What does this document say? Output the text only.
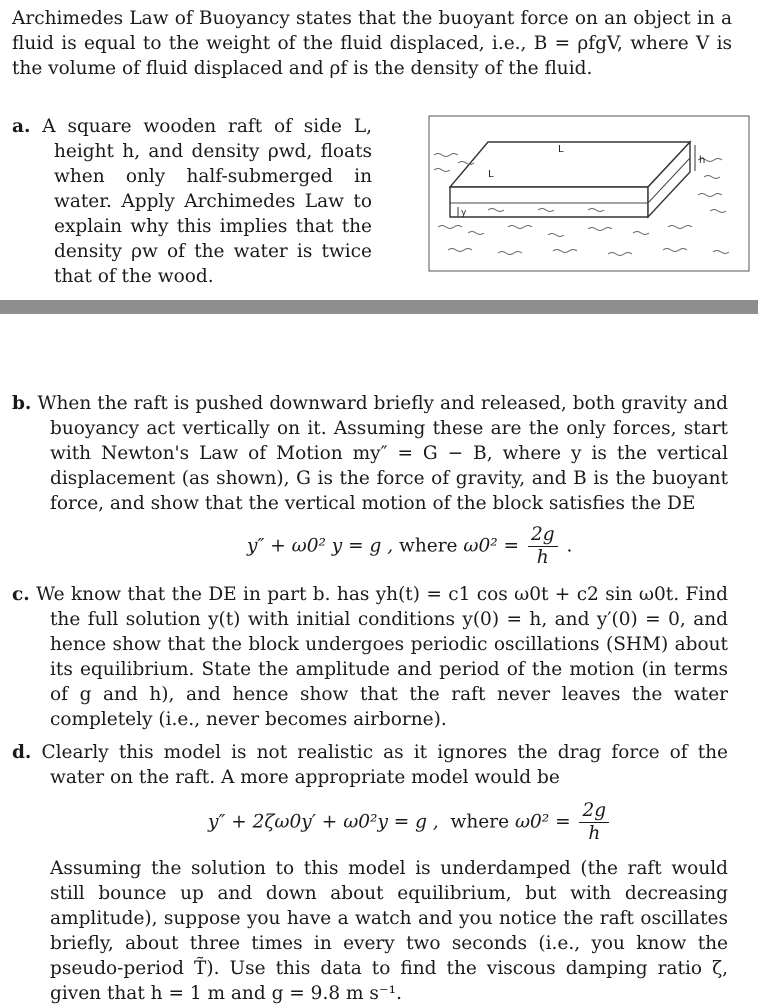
Archimedes Law of Buoyancy states that the buoyant force on an object in a fluid is equal to the weight of the fluid displaced, i.e., B = ρfgV, where V is the volume of fluid displaced and ρf is the density of the fluid.
a. A square wooden raft of side L, height h, and density ρwd, floats when only half-submerged in water. Apply Archimedes Law to explain why this implies that the density ρw of the water is twice that of the wood.
L
L
h
y
b. When the raft is pushed downward briefly and released, both gravity and buoyancy act vertically on it. Assuming these are the only forces, start with Newton's Law of Motion my″ = G − B, where y is the vertical displacement (as shown), G is the force of gravity, and B is the buoyant force, and show that the vertical motion of the block satisfies the DE
y″ + ω0² y = g , where $\omega 0^2 = \frac{2g}{h}$ .
c. We know that the DE in part b. has yh(t) = c1 cos ω0t + c2 sin ω0t. Find the full solution y(t) with initial conditions y(0) = h, and y′(0) = 0, and hence show that the block undergoes periodic oscillations (SHM) about its equilibrium. State the amplitude and period of the motion (in terms of g and h), and hence show that the raft never leaves the water completely (i.e., never becomes airborne).
d. Clearly this model is not realistic as it ignores the drag force of the water on the raft. A more appropriate model would be
y″ + 2ζω0y′ + ω0²y = g , where $\omega 0^2 = \frac{2g}{h}$
Assuming the solution to this model is underdamped (the raft would still bounce up and down about equilibrium, but with decreasing amplitude), suppose you have a watch and you notice the raft oscillates briefly, about three times in every two seconds (i.e., you know the pseudo-period T̃). Use this data to find the viscous damping ratio ζ, given that h = 1 m and g = 9.8 m s⁻¹.
